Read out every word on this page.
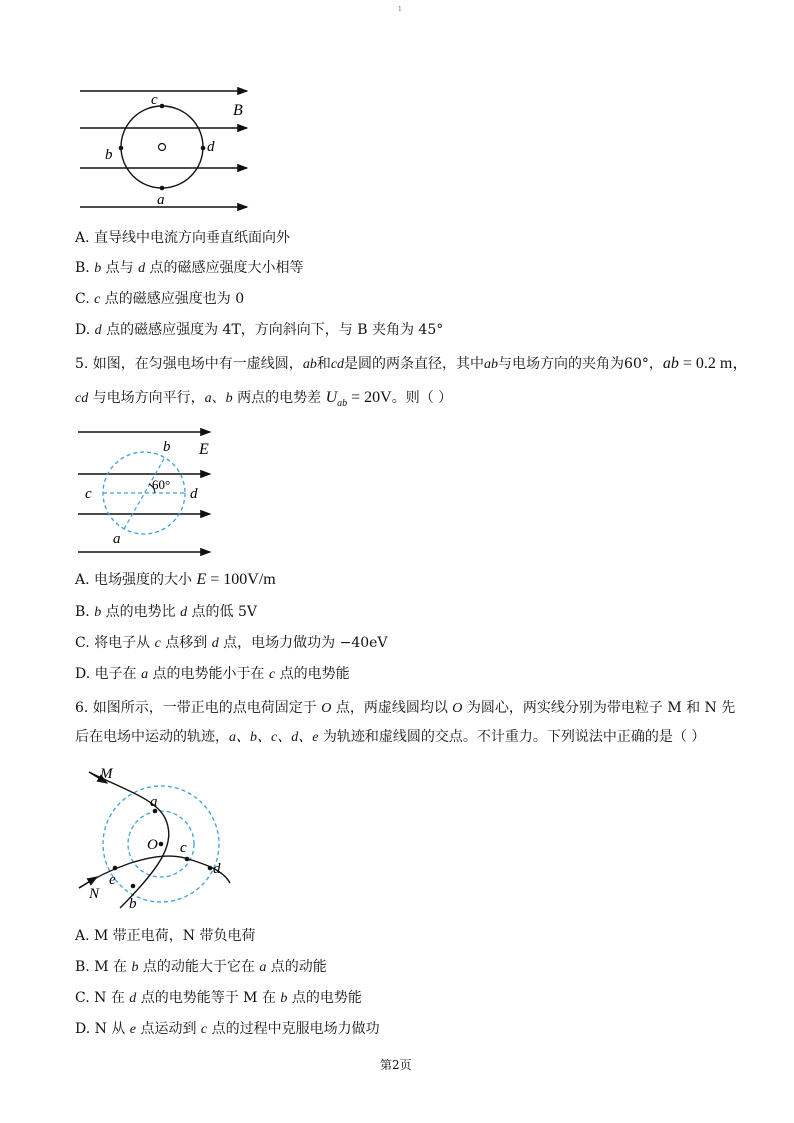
1
c
B
b	d
a
A. 直导线中电流方向垂直纸面向外
B. b 点与 d 点的磁感应强度大小相等
C. c 点的磁感应强度也为 0
D. d 点的磁感应强度为 4T，方向斜向下，与 B 夹角为 45°
5. 如图，在匀强电场中有一虚线圆，ab和cd是圆的两条直径，其中ab与电场方向的夹角为60°，ab = 0.2 m，
cd 与电场方向平行，a、b 两点的电势差 $U_{ab} = 20V$。则（ ）
b E
c
60°
d
a
A. 电场强度的大小 E = 100V/m
B. b 点的电势比 d 点的低 5V
C. 将电子从 c 点移到 d 点，电场力做功为 −40eV
D. 电子在 a 点的电势能小于在 c 点的电势能
6. 如图所示，一带正电的点电荷固定于 O 点，两虚线圆均以 O 为圆心，两实线分别为带电粒子 M 和 N 先
后在电场中运动的轨迹，a、b、c、d、e 为轨迹和虚线圆的交点。不计重力。下列说法中正确的是（ ）
M
a
O c
d
e
N
b
A. M 带正电荷，N 带负电荷
B. M 在 b 点的动能大于它在 a 点的动能
C. N 在 d 点的电势能等于 M 在 b 点的电势能
D. N 从 e 点运动到 c 点的过程中克服电场力做功
第2页
